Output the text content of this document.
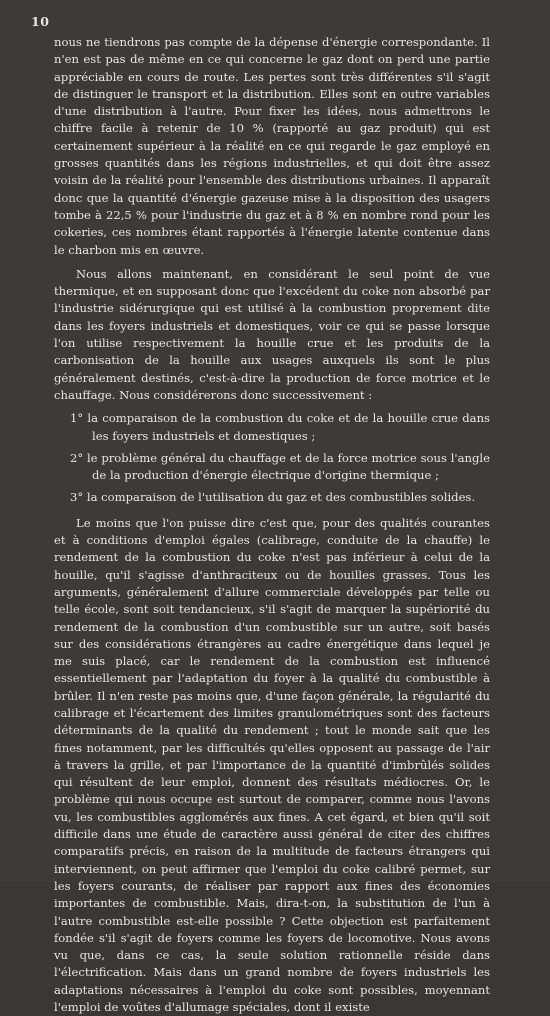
10

nous ne tiendrons pas compte de la dépense d'énergie correspondante. Il n'en est pas de même en ce qui concerne le gaz dont on perd une partie appréciable en cours de route. Les pertes sont très différentes s'il s'agit de distinguer le transport et la distribution. Elles sont en outre variables d'une distribution à l'autre. Pour fixer les idées, nous admettrons le chiffre facile à retenir de 10 % (rapporté au gaz produit) qui est certainement supérieur à la réalité en ce qui regarde le gaz employé en grosses quantités dans les régions industrielles, et qui doit être assez voisin de la réalité pour l'ensemble des distributions urbaines. Il apparaît donc que la quantité d'énergie gazeuse mise à la disposition des usagers tombe à 22,5 % pour l'industrie du gaz et à 8 % en nombre rond pour les cokeries, ces nombres étant rapportés à l'énergie latente contenue dans le charbon mis en œuvre.

Nous allons maintenant, en considérant le seul point de vue thermique, et en supposant donc que l'excédent du coke non absorbé par l'industrie sidérurgique qui est utilisé à la combustion proprement dite dans les foyers industriels et domestiques, voir ce qui se passe lorsque l'on utilise respectivement la houille crue et les produits de la carbonisation de la houille aux usages auxquels ils sont le plus généralement destinés, c'est-à-dire la production de force motrice et le chauffage. Nous considérerons donc successivement :

1° la comparaison de la combustion du coke et de la houille crue dans les foyers industriels et domestiques ;
2° le problème général du chauffage et de la force motrice sous l'angle de la production d'énergie électrique d'origine thermique ;
3° la comparaison de l'utilisation du gaz et des combustibles solides.

Le moins que l'on puisse dire c'est que, pour des qualités courantes et à conditions d'emploi égales (calibrage, conduite de la chauffe) le rendement de la combustion du coke n'est pas inférieur à celui de la houille, qu'il s'agisse d'anthraciteux ou de houilles grasses. Tous les arguments, généralement d'allure commerciale développés par telle ou telle école, sont soit tendancieux, s'il s'agit de marquer la supériorité du rendement de la combustion d'un combustible sur un autre, soit basés sur des considérations étrangères au cadre énergétique dans lequel je me suis placé, car le rendement de la combustion est influencé essentiellement par l'adaptation du foyer à la qualité du combustible à brûler. Il n'en reste pas moins que, d'une façon générale, la régularité du calibrage et l'écartement des limites granulométriques sont des facteurs déterminants de la qualité du rendement ; tout le monde sait que les fines notamment, par les difficultés qu'elles opposent au passage de l'air à travers la grille, et par l'importance de la quantité d'imbrûlés solides qui résultent de leur emploi, donnent des résultats médiocres. Or, le problème qui nous occupe est surtout de comparer, comme nous l'avons vu, les combustibles agglomérés aux fines. A cet égard, et bien qu'il soit difficile dans une étude de caractère aussi général de citer des chiffres comparatifs précis, en raison de la multitude de facteurs étrangers qui interviennent, on peut affirmer que l'emploi du coke calibré permet, sur les foyers courants, de réaliser par rapport aux fines des économies importantes de combustible. Mais, dira-t-on, la substitution de l'un à l'autre combustible est-elle possible ? Cette objection est parfaitement fondée s'il s'agit de foyers comme les foyers de locomotive. Nous avons vu que, dans ce cas, la seule solution rationnelle réside dans l'électrification. Mais dans un grand nombre de foyers industriels les adaptations nécessaires à l'emploi du coke sont possibles, moyennant l'emploi de voûtes d'allumage spéciales, dont il existe
